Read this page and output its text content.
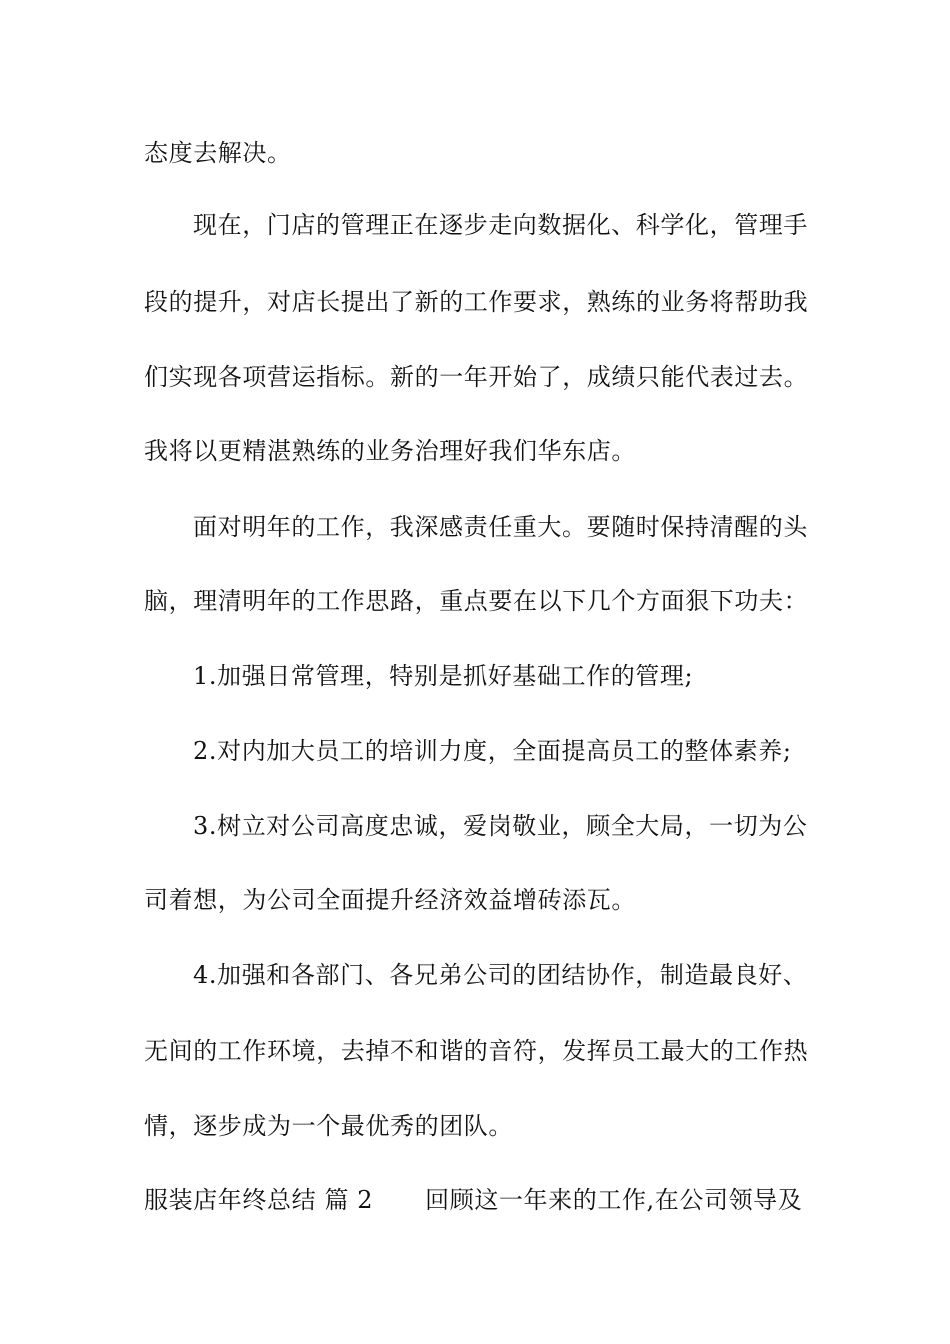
态度去解决。
现在，门店的管理正在逐步走向数据化、科学化，管理手
段的提升，对店长提出了新的工作要求，熟练的业务将帮助我
们实现各项营运指标。新的一年开始了，成绩只能代表过去。
我将以更精湛熟练的业务治理好我们华东店。
面对明年的工作，我深感责任重大。要随时保持清醒的头
脑，理清明年的工作思路，重点要在以下几个方面狠下功夫：
1.加强日常管理，特别是抓好基础工作的管理;
2.对内加大员工的培训力度，全面提高员工的整体素养;
3.树立对公司高度忠诚，爱岗敬业，顾全大局，一切为公
司着想，为公司全面提升经济效益增砖添瓦。
4.加强和各部门、各兄弟公司的团结协作，制造最良好、
无间的工作环境，去掉不和谐的音符，发挥员工最大的工作热
情，逐步成为一个最优秀的团队。
服装店年终总结 篇 2 回顾这一年来的工作,在公司领导及
